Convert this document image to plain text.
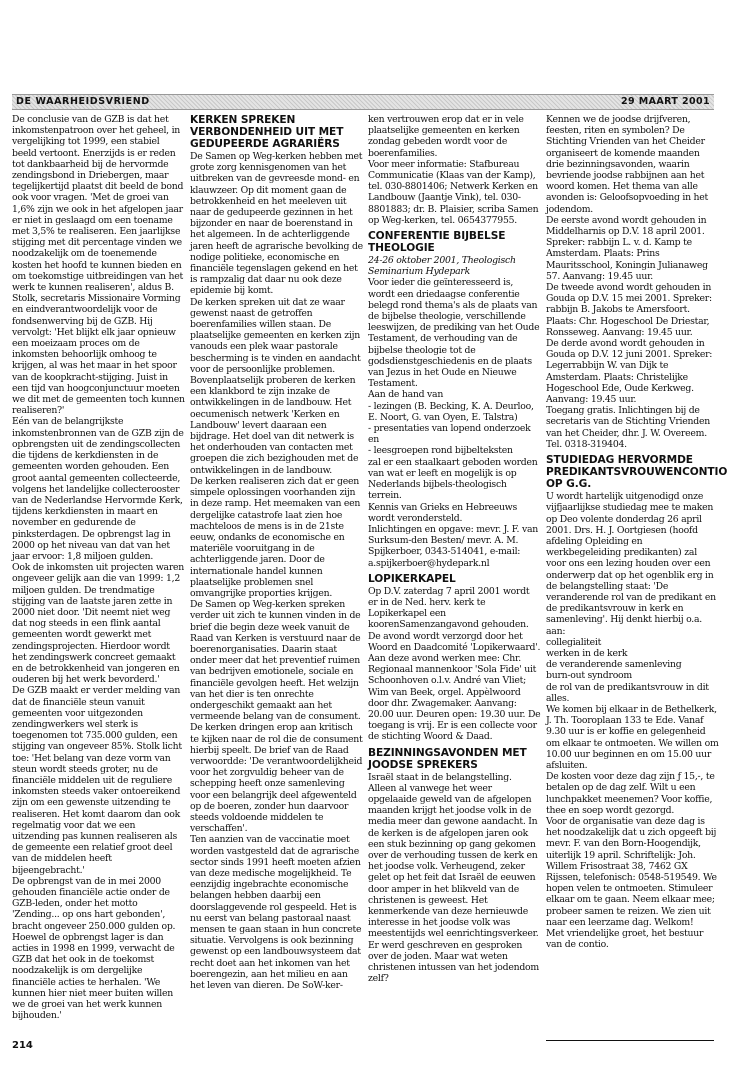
DE WAARHEIDSVRIEND	29 MAART 2001

De conclusie van de GZB is dat het inkomstenpatroon over het geheel, in vergelijking tot 1999, een stabiel beeld vertoont. Enerzijds is er reden tot dankbaarheid bij de hervormde zendingsbond in Driebergen, maar tegelijkertijd plaatst dit beeld de bond ook voor vragen. 'Met de groei van 1,6% zijn we ook in het afgelopen jaar er niet in geslaagd om een toename met 3,5% te realiseren. Een jaarlijkse stijging met dit percentage vinden we noodzakelijk om de toenemende kosten het hoofd te kunnen bieden en om toekomstige uitbreidingen van het werk te kunnen realiseren', aldus B. Stolk, secretaris Missionaire Vorming en eindverantwoordelijk voor de fondsenwerving bij de GZB. Hij vervolgt: 'Het blijkt elk jaar opnieuw een moeizaam proces om de inkomsten behoorlijk omhoog te krijgen, al was het maar in het spoor van de koopkracht-stijging. Juist in een tijd van hoogconjunctuur moeten we dit met de gemeenten toch kunnen realiseren?'

Eén van de belangrijkste inkomstenbronnen van de GZB zijn de opbrengsten uit de zendingscollecten die tijdens de kerkdiensten in de gemeenten worden gehouden. Een groot aantal gemeenten collecteerde, volgens het landelijke collecterooster van de Nederlandse Hervormde Kerk, tijdens kerkdiensten in maart en november en gedurende de pinksterdagen. De opbrengst lag in 2000 op het niveau van dat van het jaar ervoor: 1,8 miljoen gulden.

Ook de inkomsten uit projecten waren ongeveer gelijk aan die van 1999: 1,2 miljoen gulden. De trendmatige stijging van de laatste jaren zette in 2000 niet door. 'Dit neemt niet weg dat nog steeds in een flink aantal gemeenten wordt gewerkt met zendingsprojecten. Hierdoor wordt het zendingswerk concreet gemaakt en de betrokkenheid van jongeren en ouderen bij het werk bevorderd.'

De GZB maakt er verder melding van dat de financiële steun vanuit gemeenten voor uitgezonden zendingwerkers wel sterk is toegenomen tot 735.000 gulden, een stijging van ongeveer 85%. Stolk licht toe: 'Het belang van deze vorm van steun wordt steeds groter, nu de financiële middelen uit de reguliere inkomsten steeds vaker ontoereikend zijn om een gewenste uitzending te realiseren. Het komt daarom dan ook regelmatig voor dat we een uitzending pas kunnen realiseren als de gemeente een relatief groot deel van de middelen heeft bijeengebracht.'

De opbrengst van de in mei 2000 gehouden financiële actie onder de GZB-leden, onder het motto 'Zending... op ons hart gebonden', bracht ongeveer 250.000 gulden op. Hoewel de opbrengst lager is dan acties in 1998 en 1999, verwacht de GZB dat het ook in de toekomst noodzakelijk is om dergelijke financiële acties te herhalen. 'We kunnen hier niet meer buiten willen we de groei van het werk kunnen bijhouden.'

KERKEN SPREKEN VERBONDENHEID UIT MET GEDUPEERDE AGRARIËRS

De Samen op Weg-kerken hebben met grote zorg kennisgenomen van het uitbreken van de gevreesde mond- en klauwzeer. Op dit moment gaan de betrokkenheid en het meeleven uit naar de gedupeerde gezinnen in het bijzonder en naar de boerenstand in het algemeen. In de achterliggende jaren heeft de agrarische bevolking de nodige politieke, economische en financiële tegenslagen gekend en het is rampzalig dat daar nu ook deze epidemie bij komt.

De kerken spreken uit dat ze waar gewenst naast de getroffen boerenfamilies willen staan. De plaatselijke gemeenten en kerken zijn vanouds een plek waar pastorale bescherming is te vinden en aandacht voor de persoonlijke problemen. Bovenplaatselijk proberen de kerken een klankbord te zijn inzake de ontwikkelingen in de landbouw. Het oecumenisch netwerk 'Kerken en Landbouw' levert daaraan een bijdrage. Het doel van dit netwerk is het onderhouden van contacten met groepen die zich bezighouden met de ontwikkelingen in de landbouw.

De kerken realiseren zich dat er geen simpele oplossingen voorhanden zijn in deze ramp. Het meemaken van een dergelijke catastrofe laat zien hoe machteloos de mens is in de 21ste eeuw, ondanks de economische en materiële vooruitgang in de achterliggende jaren. Door de internationale handel kunnen plaatselijke problemen snel omvangrijke proporties krijgen.

De Samen op Weg-kerken spreken verder uit zich te kunnen vinden in de brief die begin deze week vanuit de Raad van Kerken is verstuurd naar de boerenorganisaties. Daarin staat onder meer dat het preventief ruimen van bedrijven emotionele, sociale en financiële gevolgen heeft. Het welzijn van het dier is ten onrechte ondergeschikt gemaakt aan het vermeende belang van de consument. De kerken dringen erop aan kritisch te kijken naar de rol die de consument hierbij speelt. De brief van de Raad verwoordde: 'De verantwoordelijkheid voor het zorgvuldig beheer van de schepping heeft onze samenleving voor een belangrijk deel afgewenteld op de boeren, zonder hun daarvoor steeds voldoende middelen te verschaffen'.

Ten aanzien van de vaccinatie moet worden vastgesteld dat de agrarische sector sinds 1991 heeft moeten afzien van deze medische mogelijkheid. Te eenzijdig ingebrachte economische belangen hebben daarbij een doorslaggevende rol gespeeld. Het is nu eerst van belang pastoraal naast mensen te gaan staan in hun concrete situatie. Vervolgens is ook bezinning gewenst op een landbouwsysteem dat recht doet aan het inkomen van het boerengezin, aan het milieu en aan het leven van dieren. De SoW-ker-

ken vertrouwen erop dat er in vele plaatselijke gemeenten en kerken zondag gebeden wordt voor de boerenfamilies.

Voor meer informatie: Stafbureau Communicatie (Klaas van der Kamp), tel. 030-8801406; Netwerk Kerken en Landbouw (Jaantje Vink), tel. 030-8801883; dr. B. Plaisier, scriba Samen op Weg-kerken, tel. 0654377955.

CONFERENTIE BIJBELSE THEOLOGIE

24-26 oktober 2001, Theologisch Seminarium Hydepark

Voor ieder die geïnteresseerd is, wordt een driedaagse conferentie belegd rond thema's als de plaats van de bijbelse theologie, verschillende leeswijzen, de prediking van het Oude Testament, de verhouding van de bijbelse theologie tot de godsdienstgeschiedenis en de plaats van Jezus in het Oude en Nieuwe Testament.

Aan de hand van

- lezingen (B. Becking, K. A. Deurloo, E. Noort, G. van Oyen, E. Talstra)

- presentaties van lopend onderzoek en

- leesgroepen rond bijbelteksten

zal er een staalkaart geboden worden van wat er leeft en mogelijk is op Nederlands bijbels-theologisch terrein.

Kennis van Grieks en Hebreeuws wordt verondersteld.

Inlichtingen en opgave: mevr. J. F. van Surksum-den Besten/ mevr. A. M. Spijkerboer, 0343-514041, e-mail: a.spijkerboer@hydepark.nl

LOPIKERKAPEL

Op D.V. zaterdag 7 april 2001 wordt er in de Ned. herv. kerk te Lopikerkapel een koorenSamenzangavond gehouden. De avond wordt verzorgd door het Woord en Daadcomité 'Lopikerwaard'. Aan deze avond werken mee: Chr. Regionaal mannenkoor 'Sola Fide' uit Schoonhoven o.l.v. André van Vliet; Wim van Beek, orgel. Appèlwoord door dhr. Zwagemaker. Aanvang: 20.00 uur. Deuren open: 19.30 uur. De toegang is vrij. Er is een collecte voor de stichting Woord & Daad.

BEZINNINGSAVONDEN MET JOODSE SPREKERS

Israël staat in de belangstelling. Alleen al vanwege het weer opgelaaide geweld van de afgelopen maanden krijgt het joodse volk in de media meer dan gewone aandacht. In de kerken is de afgelopen jaren ook een stuk bezinning op gang gekomen over de verhouding tussen de kerk en het joodse volk. Verheugend, zeker gelet op het feit dat Israël de eeuwen door amper in het blikveld van de christenen is geweest. Het kenmerkende van deze hernieuwde interesse in het joodse volk was meestentijds wel eenrichtingsverkeer. Er werd geschreven en gesproken over de joden. Maar wat weten christenen intussen van het jodendom zelf?

Kennen we de joodse drijfveren, feesten, riten en symbolen? De Stichting Vrienden van het Cheider organiseert de komende maanden drie bezinningsavonden, waarin bevriende joodse rabbijnen aan het woord komen. Het thema van alle avonden is: Geloofsopvoeding in het jodendom.

De eerste avond wordt gehouden in Middelharnis op D.V. 18 april 2001. Spreker: rabbijn L. v. d. Kamp te Amsterdam. Plaats: Prins Mauritsschool, Koningin Julianaweg 57. Aanvang: 19.45 uur.

De tweede avond wordt gehouden in Gouda op D.V. 15 mei 2001. Spreker: rabbijn B. Jakobs te Amersfoort. Plaats: Chr. Hogeschool De Driestar, Ronsseweg. Aanvang: 19.45 uur.

De derde avond wordt gehouden in Gouda op D.V. 12 juni 2001. Spreker: Legerrabbijn W. van Dijk te Amsterdam. Plaats: Christelijke Hogeschool Ede, Oude Kerkweg. Aanvang: 19.45 uur.

Toegang gratis. Inlichtingen bij de secretaris van de Stichting Vrienden van het Cheider, dhr. J. W. Overeem. Tel. 0318-319404.

STUDIEDAG HERVORMDE PREDIKANTSVROUWENCONTIO OP G.G.

U wordt hartelijk uitgenodigd onze vijfjaarlijkse studiedag mee te maken op Deo volente donderdag 26 april 2001. Drs. H. J. Oortgiesen (hoofd afdeling Opleiding en werkbegeleiding predikanten) zal voor ons een lezing houden over een onderwerp dat op het ogenblik erg in de belangstelling staat: 'De veranderende rol van de predikant en de predikantsvrouw in kerk en samenleving'. Hij denkt hierbij o.a. aan:

collegialiteit

werken in de kerk

de veranderende samenleving

burn-out syndroom

de rol van de predikantsvrouw in dit alles.

We komen bij elkaar in de Bethelkerk, J. Th. Tooroplaan 133 te Ede. Vanaf 9.30 uur is er koffie en gelegenheid om elkaar te ontmoeten. We willen om 10.00 uur beginnen en om 15.00 uur afsluiten.

De kosten voor deze dag zijn ƒ 15,-, te betalen op de dag zelf. Wilt u een lunchpakket meenemen? Voor koffie, thee en soep wordt gezorgd.

Voor de organisatie van deze dag is het noodzakelijk dat u zich opgeeft bij mevr. F. van den Born-Hoogendijk, uiterlijk 19 april. Schriftelijk: Joh. Willem Frisostraat 38, 7462 GX Rijssen, telefonisch: 0548-519549. We hopen velen te ontmoeten. Stimuleer elkaar om te gaan. Neem elkaar mee; probeer samen te reizen. We zien uit naar een leerzame dag. Welkom!

Met vriendelijke groet, het bestuur van de contio.

214
